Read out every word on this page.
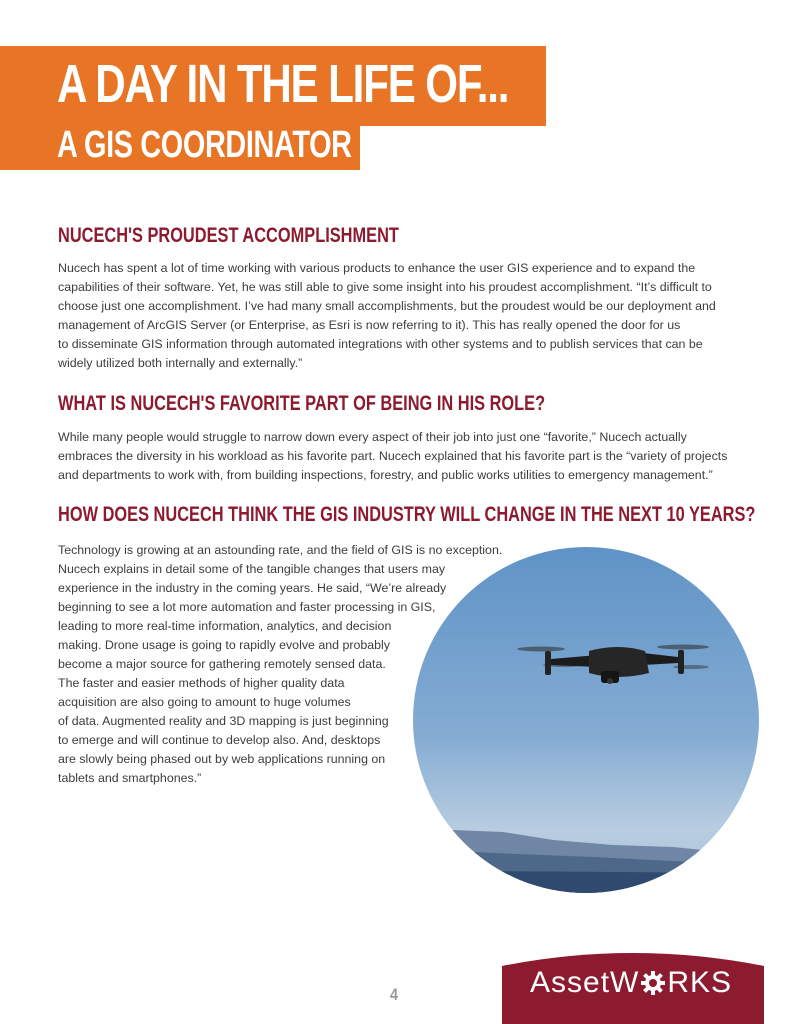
A DAY IN THE LIFE OF...
A GIS COORDINATOR
NUCECH'S PROUDEST ACCOMPLISHMENT
Nucech has spent a lot of time working with various products to enhance the user GIS experience and to expand the
capabilities of their software. Yet, he was still able to give some insight into his proudest accomplishment. “It’s difficult to
choose just one accomplishment. I’ve had many small accomplishments, but the proudest would be our deployment and
management of ArcGIS Server (or Enterprise, as Esri is now referring to it). This has really opened the door for us
to disseminate GIS information through automated integrations with other systems and to publish services that can be
widely utilized both internally and externally.”
WHAT IS NUCECH'S FAVORITE PART OF BEING IN HIS ROLE?
While many people would struggle to narrow down every aspect of their job into just one “favorite,” Nucech actually
embraces the diversity in his workload as his favorite part. Nucech explained that his favorite part is the “variety of projects
and departments to work with, from building inspections, forestry, and public works utilities to emergency management.”
HOW DOES NUCECH THINK THE GIS INDUSTRY WILL CHANGE IN THE NEXT 10 YEARS?
Technology is growing at an astounding rate, and the field of GIS is no exception.
Nucech explains in detail some of the tangible changes that users may
experience in the industry in the coming years. He said, “We’re already
beginning to see a lot more automation and faster processing in GIS,
leading to more real-time information, analytics, and decision
making. Drone usage is going to rapidly evolve and probably
become a major source for gathering remotely sensed data.
The faster and easier methods of higher quality data
acquisition are also going to amount to huge volumes
of data. Augmented reality and 3D mapping is just beginning
to emerge and will continue to develop also. And, desktops
are slowly being phased out by web applications running on
tablets and smartphones.”
4	AssetW RKS
